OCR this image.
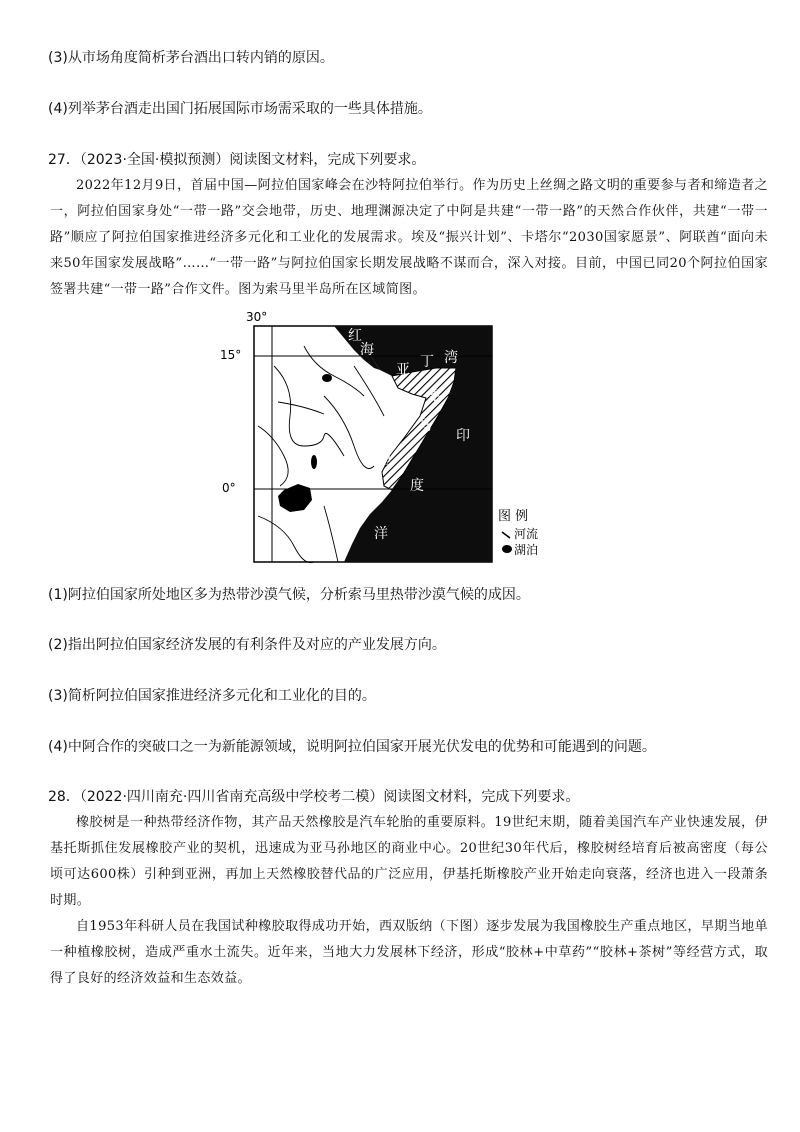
(3)从市场角度简析茅台酒出口转内销的原因。
(4)列举茅台酒走出国门拓展国际市场需采取的一些具体措施。
27．（2023·全国·模拟预测）阅读图文材料，完成下列要求。
2022年12月9日，首届中国—阿拉伯国家峰会在沙特阿拉伯举行。作为历史上丝绸之路文明的重要参与者和缔造者之一，阿拉伯国家身处“一带一路”交会地带，历史、地理渊源决定了中阿是共建“一带一路”的天然合作伙伴，共建“一带一路”顺应了阿拉伯国家推进经济多元化和工业化的发展需求。埃及“振兴计划”、卡塔尔“2030国家愿景”、阿联酋“面向未来50年国家发展战略”……“一带一路”与阿拉伯国家长期发展战略不谋而合，深入对接。目前，中国已同20个阿拉伯国家签署共建“一带一路”合作文件。图为索马里半岛所在区域简图。
30°
15°
0°
红
海
亚 丁 湾
印
度
洋
索
马
里
图 例
河流
湖泊
(1)阿拉伯国家所处地区多为热带沙漠气候，分析索马里热带沙漠气候的成因。
(2)指出阿拉伯国家经济发展的有利条件及对应的产业发展方向。
(3)简析阿拉伯国家推进经济多元化和工业化的目的。
(4)中阿合作的突破口之一为新能源领域，说明阿拉伯国家开展光伏发电的优势和可能遇到的问题。
28．（2022·四川南充·四川省南充高级中学校考二模）阅读图文材料，完成下列要求。
橡胶树是一种热带经济作物，其产品天然橡胶是汽车轮胎的重要原料。19世纪末期，随着美国汽车产业快速发展，伊基托斯抓住发展橡胶产业的契机，迅速成为亚马孙地区的商业中心。20世纪30年代后，橡胶树经培育后被高密度（每公顷可达600株）引种到亚洲，再加上天然橡胶替代品的广泛应用，伊基托斯橡胶产业开始走向衰落，经济也进入一段萧条时期。
自1953年科研人员在我国试种橡胶取得成功开始，西双版纳（下图）逐步发展为我国橡胶生产重点地区，早期当地单一种植橡胶树，造成严重水土流失。近年来，当地大力发展林下经济，形成“胶林+中草药”“胶林+茶树”等经营方式，取得了良好的经济效益和生态效益。
